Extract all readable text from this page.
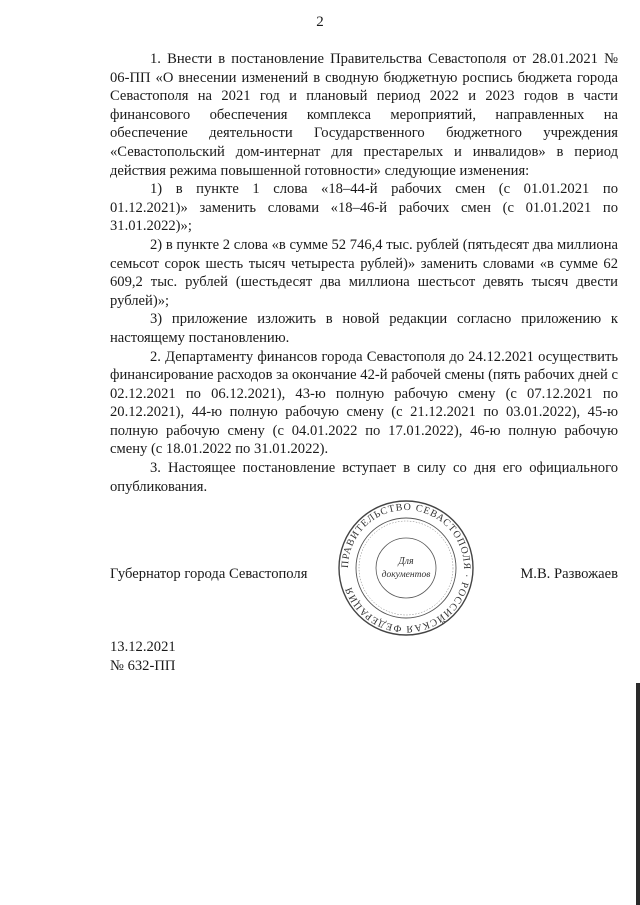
2

1. Внести в постановление Правительства Севастополя от 28.01.2021 № 06-ПП «О внесении изменений в сводную бюджетную роспись бюджета города Севастополя на 2021 год и плановый период 2022 и 2023 годов в части финансового обеспечения комплекса мероприятий, направленных на обеспечение деятельности Государственного бюджетного учреждения «Севастопольский дом-интернат для престарелых и инвалидов» в период действия режима повышенной готовности» следующие изменения:

1) в пункте 1 слова «18–44-й рабочих смен (с 01.01.2021 по 01.12.2021)» заменить словами «18–46-й рабочих смен (с 01.01.2021 по 31.01.2022)»;

2) в пункте 2 слова «в сумме 52 746,4 тыс. рублей (пятьдесят два миллиона семьсот сорок шесть тысяч четыреста рублей)» заменить словами «в сумме 62 609,2 тыс. рублей (шестьдесят два миллиона шестьсот девять тысяч двести рублей)»;

3) приложение изложить в новой редакции согласно приложению к настоящему постановлению.

2. Департаменту финансов города Севастополя до 24.12.2021 осуществить финансирование расходов за окончание 42-й рабочей смены (пять рабочих дней с 02.12.2021 по 06.12.2021), 43-ю полную рабочую смену (с 07.12.2021 по 20.12.2021), 44-ю полную рабочую смену (с 21.12.2021 по 03.01.2022), 45-ю полную рабочую смену (с 04.01.2022 по 17.01.2022), 46-ю полную рабочую смену (с 18.01.2022 по 31.01.2022).

3. Настоящее постановление вступает в силу со дня его официального опубликования.

ПРАВИТЕЛЬСТВО СЕВАСТОПОЛЯ · РОССИЙСКАЯ ФЕДЕРАЦИЯ
Для
документов
Губернатор города Севастополя	М.В. Развожаев
13.12.2021
№ 632-ПП
